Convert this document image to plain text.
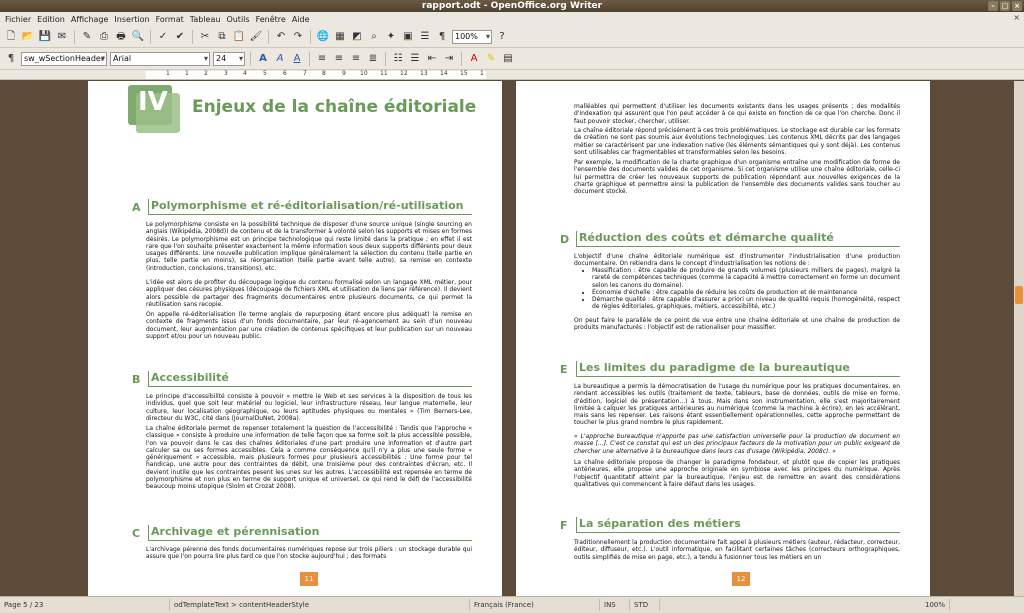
rapport.odt - OpenOffice.org Writer	– □ ×
Fichier Edition Affichage Insertion Format Tableau Outils Fenêtre Aide	×
🗋 📂 💾 ✉ ✎ ⎙ 🖶 🔍 ✓ ✔ ✂ ⧉ 📋 🖌 ↶ ↷ 🌐 ▦ ◩ ⌕	✦ ▣ ☰ ¶	100% ▾	?
¶	sw_wSectionHeader ▾	Arial ▾	24 ▾	A A	A	≡ ≡ ≡ ≣ ☷ ☰ ⇤ ⇥	A ✎ ▤
1	1	2	3	4	5	6	7	8	9 10 11 12 13 14 15 1
IV Enjeux de la chaîne éditoriale
A Polymorphisme et ré-éditorialisation/ré-utilisation
Le polymorphisme consiste en la possibilité technique de disposer d'une source unique (single sourcing en anglais (Wikipédia, 2008d)) de contenu et de la transformer à volonté selon les supports et mises en formes désirés. Le polymorphisme est un principe technologique qui reste limité dans la pratique ; en effet il est rare que l'on souhaite présenter exactement la même information sous deux supports différents pour deux usages différents. Une nouvelle publication implique généralement la sélection du contenu (telle partie en plus, telle partie en moins), sa réorganisation (telle partie avant telle autre), sa remise en contexte (introduction, conclusions, transitions), etc.
L'idée est alors de profiter du découpage logique du contenu formalisé selon un langage XML métier, pour appliquer des césures physiques (découpage de fichiers XML et utilisation de liens par référence). Il devient alors possible de partager des fragments documentaires entre plusieurs documents, ce qui permet la réutilisation sans recopie.
On appelle ré-éditorialisation (le terme anglais de repurposing étant encore plus adéquat) la remise en contexte de fragments issus d'un fonds documentaire, par leur ré-agencement au sein d'un nouveau document, leur augmentation par une création de contenus spécifiques et leur publication sur un nouveau support et/ou pour un nouveau public.
B Accessibilité
Le principe d'accessibilité consiste à pouvoir « mettre le Web et ses services à la disposition de tous les individus, quel que soit leur matériel ou logiciel, leur infrastructure réseau, leur langue maternelle, leur culture, leur localisation géographique, ou leurs aptitudes physiques ou mentales » (Tim Berners-Lee, directeur du W3C, cité dans (JournalDuNet, 2008a).
La chaîne éditoriale permet de repenser totalement la question de l'accessibilité : Tandis que l'approche « classique » consiste à produire une information de telle façon que sa forme soit la plus accessible possible, l'on va pouvoir dans le cas des chaînes éditoriales d'une part produire une information et d'autre part calculer sa ou ses formes accessibles. Cela a comme conséquence qu'il n'y a plus une seule forme « génériquement » accessible, mais plusieurs formes pour plusieurs accessibilités : Une forme pour tel handicap, une autre pour des contraintes de débit, une troisième pour des contraintes d'écran, etc. Il devient inutile que les contraintes pesent les unes sur les autres. L'accessibilité est repensée en terme de polymorphisme et non plus en terme de support unique et universel, ce qui rend le défi de l'accessibilité beaucoup moins utopique (Slolm et Crozat 2008).
C Archivage et pérennisation
L'archivage pérenne des fonds documentaires numériques repose sur trois piliers : un stockage durable qui assure que l'on pourra lire plus tard ce que l'on stocke aujourd'hui ; des formats
11
malléables qui permettent d'utiliser les documents existants dans les usages présents ; des modalités d'indexation qui assurent que l'on peut accéder à ce qui existe en fonction de ce que l'on cherche. Donc il faut pouvoir stocker, chercher, utiliser.
La chaîne éditoriale répond précisément à ces trois problématiques. Le stockage est durable car les formats de création ne sont pas soumis aux évolutions technologiques. Les contenus XML décrits par des langages métier se caractérisent par une indexation native (les éléments sémantiques qui y sont déjà). Les contenus sont utilisables car fragmentables et transformables selon les besoins.
Par exemple, la modification de la charte graphique d'un organisme entraîne une modification de forme de l'ensemble des documents valides de cet organisme. Si cet organisme utilise une chaîne éditoriale, celle-ci lui permettra de créer les nouveaux supports de publication répondant aux nouvelles exigences de la charte graphique et permettre ainsi la publication de l'ensemble des documents valides sans toucher au document stocké.
D Réduction des coûts et démarche qualité
L'objectif d'une chaîne éditoriale numérique est d'instrumenter l'industrialisation d'une production documentaire. On retiendra dans le concept d'industrialisation les notions de :
• Massification : être capable de produire de grands volumes (plusieurs milliers de pages), malgré la rareté de compétences techniques (comme la capacité à mettre correctement en forme un document selon les canons du domaine).
• Économie d'échelle : être capable de réduire les coûts de production et de maintenance
• Démarche qualité : être capable d'assurer a priori un niveau de qualité requis (homogénéité, respect de règles éditoriales, graphiques, métiers, accessibilité, etc.)
On peut faire le parallèle de ce point de vue entre une chaîne éditoriale et une chaîne de production de produits manufacturés : l'objectif est de rationaliser pour massifier.
E Les limites du paradigme de la bureautique
La bureautique a permis la démocratisation de l'usage du numérique pour les pratiques documentaires, en rendant accessibles les outils (traitement de texte, tableurs, base de données, outils de mise en forme, d'édition, logiciel de présentation...) à tous. Mais dans son instrumentation, elle s'est majoritairement limitée à calquer les pratiques antérieures au numérique (comme la machine à écrire), en les accélérant, mais sans les repenser. Les raisons étant essentiellement opérationnelles, cette approche permettant de toucher le plus grand nombre le plus rapidement.
« L'approche bureautique n'apporte pas une satisfaction universelle pour la production de document en masse [...]. C'est ce constat qui est un des principaux facteurs de la motivation pour un public exigeant de chercher une alternative à la bureautique dans leurs cas d'usage (Wikipédia, 2008c). »
La chaîne éditoriale propose de changer le paradigme fondateur, et plutôt que de copier les pratiques antérieures, elle propose une approche originale en symbiose avec les principes du numérique. Après l'objectif quantitatif atteint par la bureautique, l'enjeu est de remettre en avant des considérations qualitatives qui commencent à faire défaut dans les usages.
F La séparation des métiers
Traditionnellement la production documentaire fait appel à plusieurs métiers (auteur, rédacteur, correcteur, éditeur, diffuseur, etc.). L'outil informatique, en facilitant certaines tâches (correcteurs orthographiques, outils simplifiés de mise en page, etc.), a tendu à fusionner tous les métiers en un
12
Page 5 / 23	odTemplateText > contentHeaderStyle	Français (France)	INS	STD	100%
